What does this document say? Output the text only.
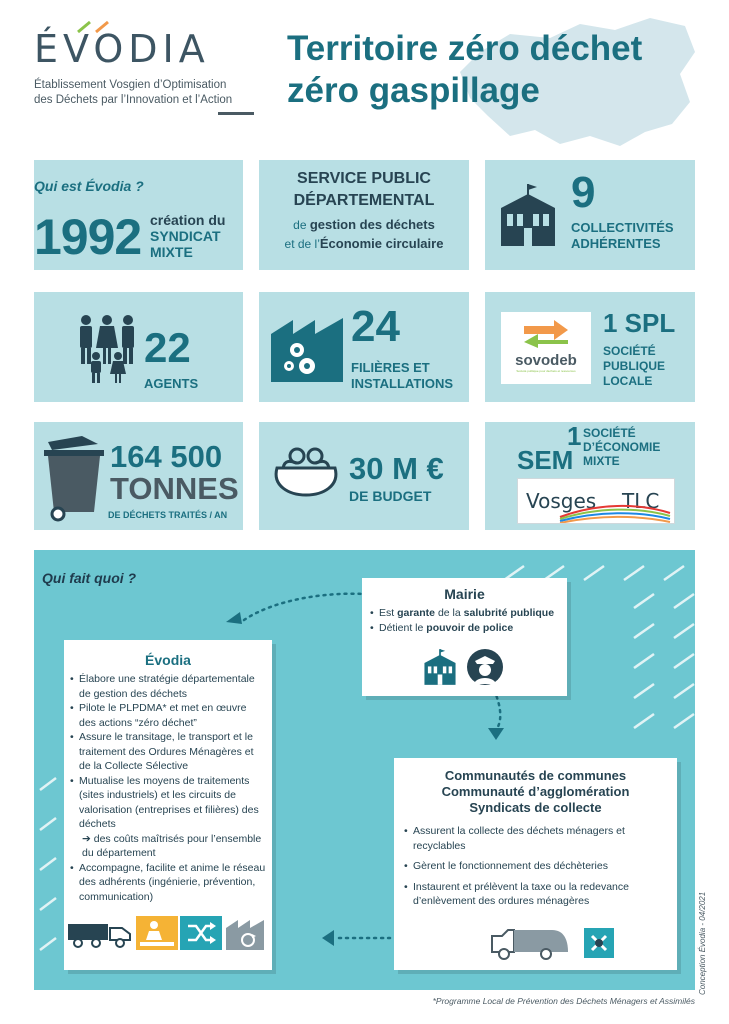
ÉVODIA
Établissement Vosgien d’Optimisation
des Déchets par l’Innovation et l’Action
Territoire zéro déchet
zéro gaspillage
Qui est Évodia ?
1992 création du
SYNDICAT
MIXTE
SERVICE PUBLIC
DÉPARTEMENTAL
de gestion des déchets
et de l’Économie circulaire
9
COLLECTIVITÉS
ADHÉRENTES
22
AGENTS
24
FILIÈRES ET
INSTALLATIONS
sovodeb
Société publique pour déchets et ressources
1 SPL
SOCIÉTÉ
PUBLIQUE
LOCALE
164 500
TONNES
DE DÉCHETS TRAITÉS / AN
30 M €
DE BUDGET
SEM
1 SOCIÉTÉ
D’ÉCONOMIE
MIXTE
Vosges TLC
Qui fait quoi ?
Mairie
• Est garante de la salubrité publique
• Détient le pouvoir de police
Évodia
• Élabore une stratégie départementale de gestion des déchets
• Pilote le PLPDMA* et met en œuvre des actions “zéro déchet”
• Assure le transitage, le transport et le traitement des Ordures Ménagères et de la Collecte Sélective
• Mutualise les moyens de traitements (sites industriels) et les circuits de valorisation (entreprises et filières) des déchets
➔ des coûts maîtrisés pour l’ensemble du département
• Accompagne, facilite et anime le réseau des adhérents (ingénierie, prévention, communication)
Communautés de communes
Communauté d’agglomération
Syndicats de collecte
• Assurent la collecte des déchets ménagers et recyclables
• Gèrent le fonctionnement des déchèteries
• Instaurent et prélèvent la taxe ou la redevance d’enlèvement des ordures ménagères	Conception Évodia - 04/2021
*Programme Local de Prévention des Déchets Ménagers et Assimilés
